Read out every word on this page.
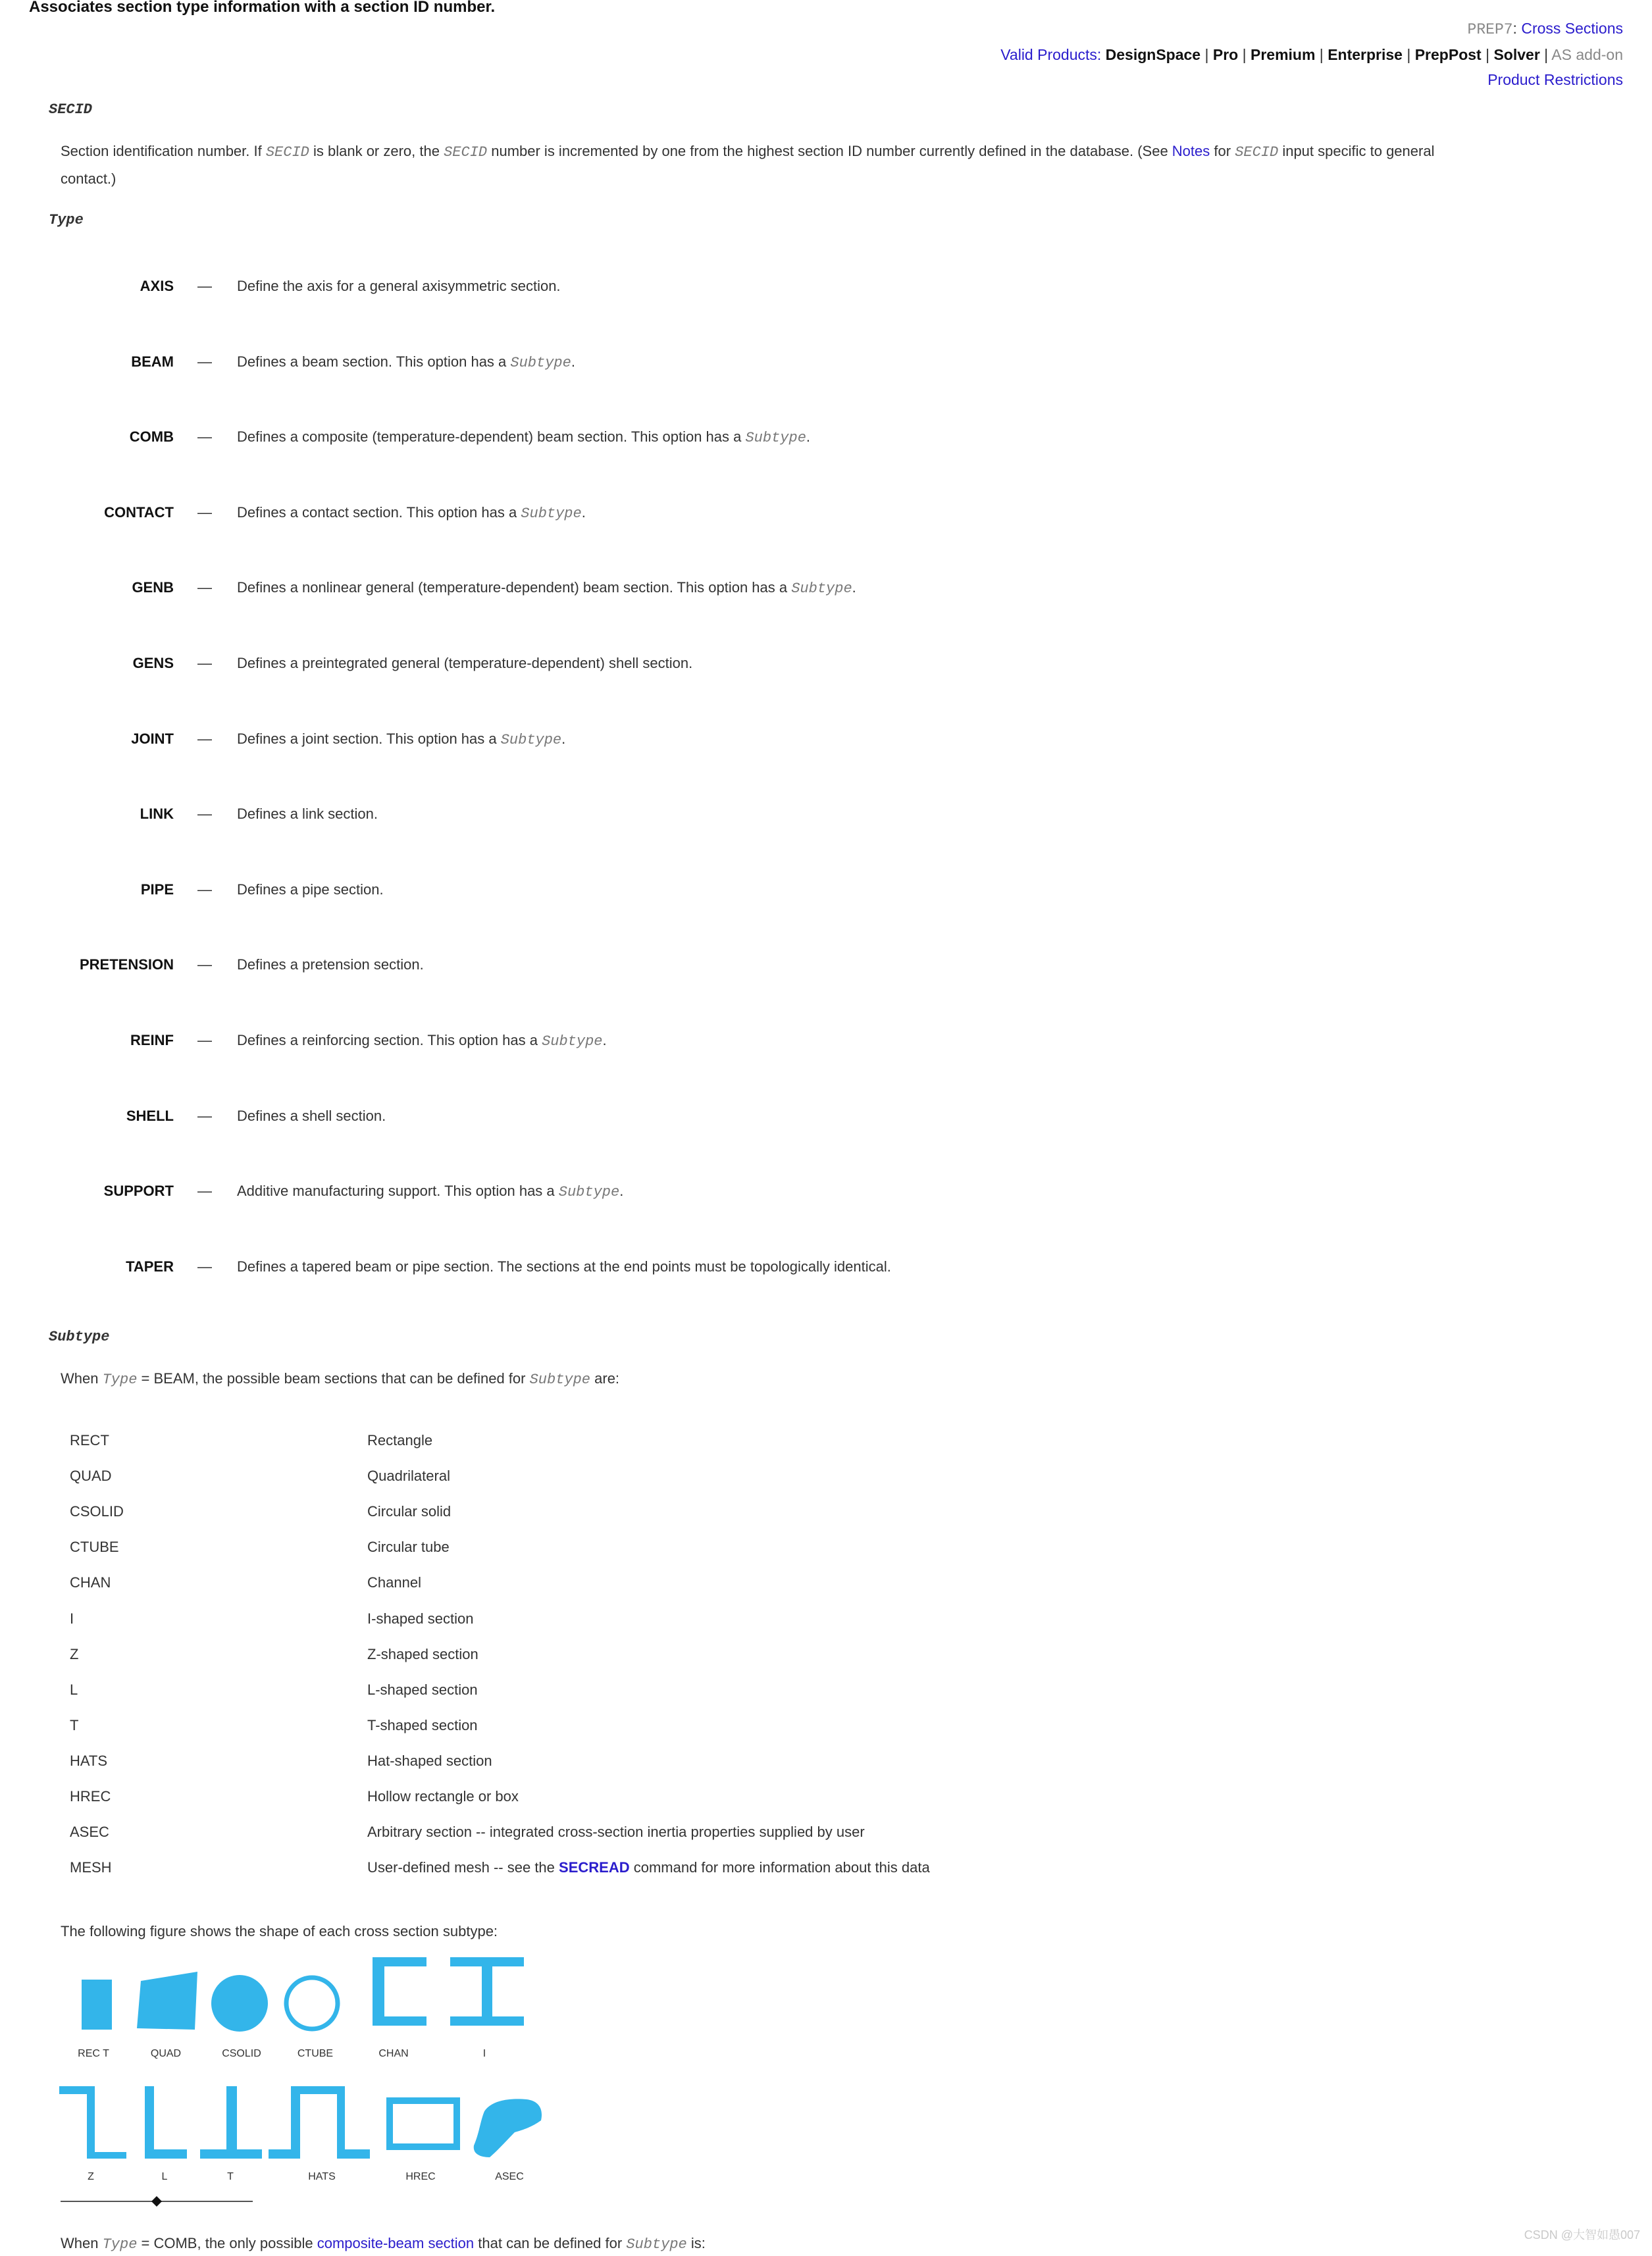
Associates section type information with a section ID number.
PREP7: Cross Sections
Valid Products: DesignSpace | Pro | Premium | Enterprise | PrepPost | Solver | AS add-on
Product Restrictions
SECID
Section identification number. If SECID is blank or zero, the SECID number is incremented by one from the highest section ID number currently defined in the database. (See Notes for SECID input specific to general
contact.)
Type
AXIS — Define the axis for a general axisymmetric section.
BEAM — Defines a beam section. This option has a Subtype.
COMB — Defines a composite (temperature-dependent) beam section. This option has a Subtype.
CONTACT — Defines a contact section. This option has a Subtype.
GENB — Defines a nonlinear general (temperature-dependent) beam section. This option has a Subtype.
GENS — Defines a preintegrated general (temperature-dependent) shell section.
JOINT — Defines a joint section. This option has a Subtype.
LINK — Defines a link section.
PIPE — Defines a pipe section.
PRETENSION — Defines a pretension section.
REINF — Defines a reinforcing section. This option has a Subtype.
SHELL — Defines a shell section.
SUPPORT — Additive manufacturing support. This option has a Subtype.
TAPER — Defines a tapered beam or pipe section. The sections at the end points must be topologically identical.
Subtype
When Type = BEAM, the possible beam sections that can be defined for Subtype are:
RECT	Rectangle
QUAD	Quadrilateral
CSOLID	Circular solid
CTUBE	Circular tube
CHAN	Channel
I	I-shaped section
Z	Z-shaped section
L	L-shaped section
T	T-shaped section
HATS	Hat-shaped section
HREC	Hollow rectangle or box
ASEC	Arbitrary section -- integrated cross-section inertia properties supplied by user
MESH	User-defined mesh -- see the SECREAD command for more information about this data
The following figure shows the shape of each cross section subtype:
REC T	QUAD	CSOLID	CTUBE	CHAN	I
Z	L	T	HATS	HREC	ASEC
When Type = COMB, the only possible composite-beam section that can be defined for Subtype is:	CSDN @大智如愚007
